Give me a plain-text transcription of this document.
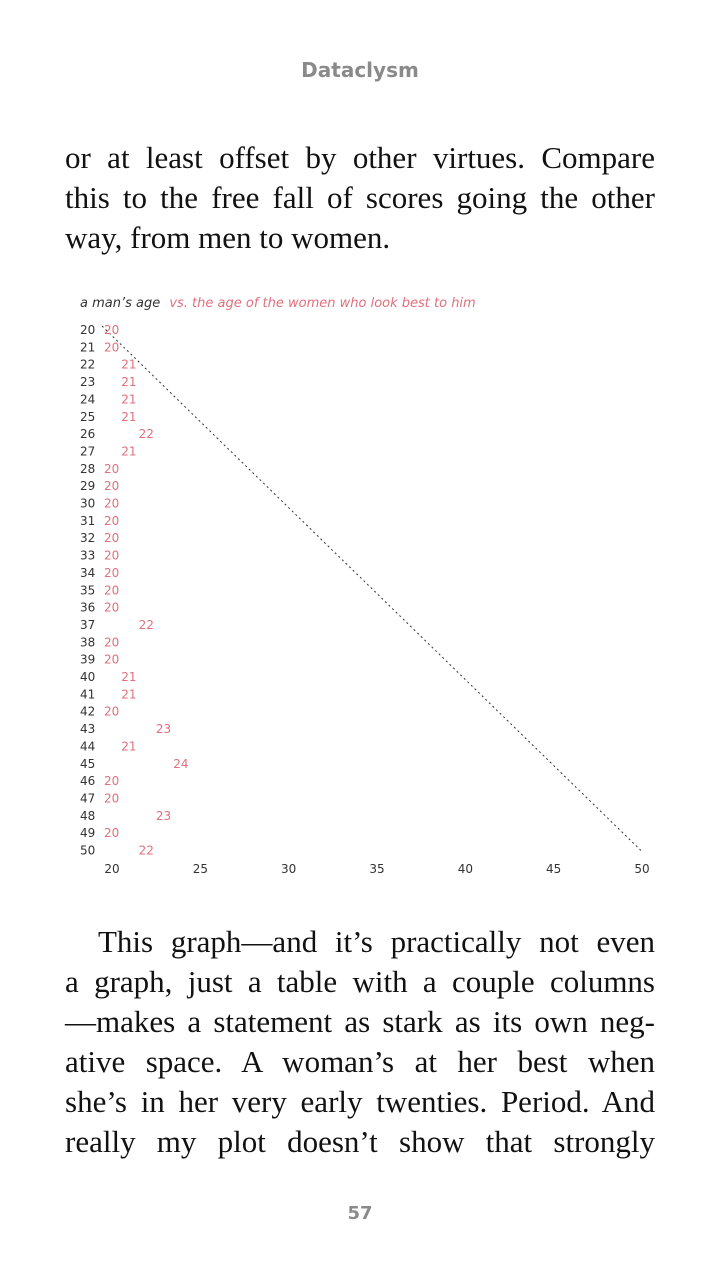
Dataclysm

or at least offset by other virtues. Compare
this to the free fall of scores going the other
way, from men to women.

a man’s age vs. the age of the women who look best to him
20 20
21 20
22 21
23 21
24 21
25 21
26	22
27 21
28 20
29 20
30 20
31 20
32 20
33 20
34 20
35 20
36 20
37	22
38 20
39 20
40 21
41 21
42 20
43	23
44 21
45	24
46 20
47 20
48	23
49 20
50	22
20	25	30	35	40	45	50

This graph—and it’s practically not even
a graph, just a table with a couple columns
—makes a statement as stark as its own neg-
ative space. A woman’s at her best when
she’s in her very early twenties. Period. And
really my plot doesn’t show that strongly

57
